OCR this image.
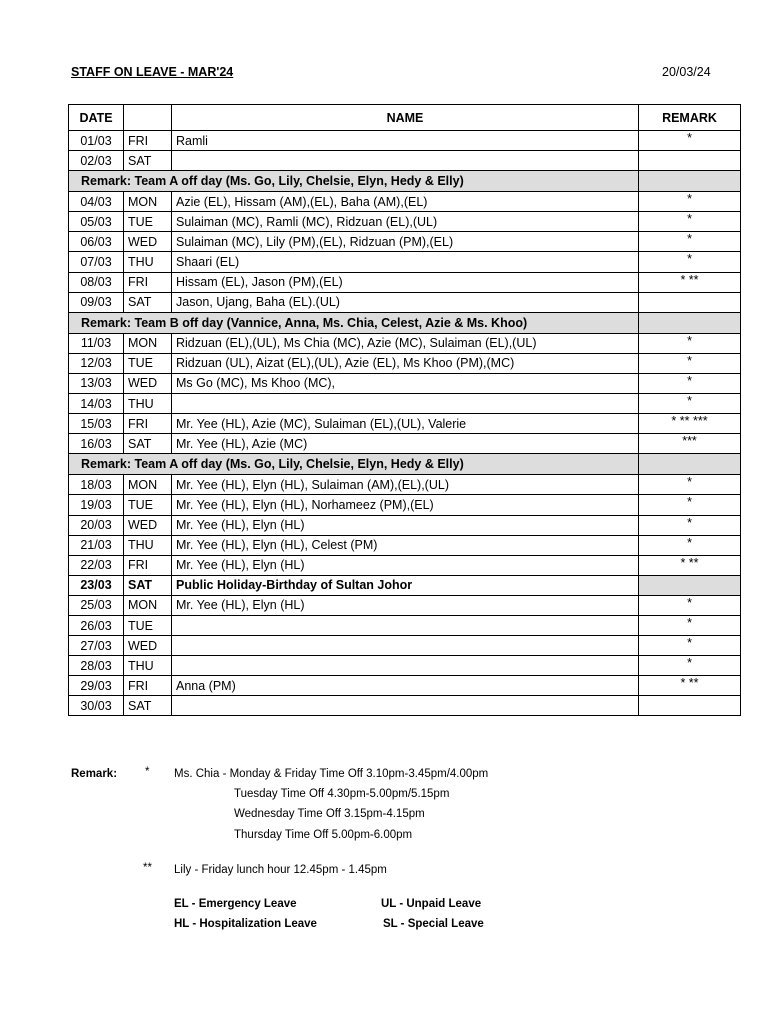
STAFF ON LEAVE - MAR'24	20/03/24
DATE		NAME	REMARK
01/03	FRI	Ramli	*
02/03	SAT		
Remark: Team A off day (Ms. Go, Lily, Chelsie, Elyn, Hedy & Elly)			
04/03	MON	Azie (EL), Hissam (AM),(EL), Baha (AM),(EL)	*
05/03	TUE	Sulaiman (MC), Ramli (MC), Ridzuan (EL),(UL)	*
06/03	WED	Sulaiman (MC), Lily (PM),(EL), Ridzuan (PM),(EL)	*
07/03	THU	Shaari (EL)	*
08/03	FRI	Hissam (EL), Jason (PM),(EL)	* **
09/03	SAT	Jason, Ujang, Baha (EL).(UL)	
Remark: Team B off day (Vannice, Anna, Ms. Chia, Celest, Azie & Ms. Khoo)			
11/03	MON	Ridzuan (EL),(UL), Ms Chia (MC), Azie (MC), Sulaiman (EL),(UL)	*
12/03	TUE	Ridzuan (UL), Aizat (EL),(UL), Azie (EL), Ms Khoo (PM),(MC)	*
13/03	WED	Ms Go (MC), Ms Khoo (MC),	*
14/03	THU		*
15/03	FRI	Mr. Yee (HL), Azie (MC), Sulaiman (EL),(UL), Valerie	* ** ***
16/03	SAT	Mr. Yee (HL), Azie (MC)	***
Remark: Team A off day (Ms. Go, Lily, Chelsie, Elyn, Hedy & Elly)			
18/03	MON	Mr. Yee (HL), Elyn (HL), Sulaiman (AM),(EL),(UL)	*
19/03	TUE	Mr. Yee (HL), Elyn (HL), Norhameez (PM),(EL)	*
20/03	WED	Mr. Yee (HL), Elyn (HL)	*
21/03	THU	Mr. Yee (HL), Elyn (HL), Celest (PM)	*
22/03	FRI	Mr. Yee (HL), Elyn (HL)	* **
23/03	SAT	Public Holiday-Birthday of Sultan Johor	
25/03	MON	Mr. Yee (HL), Elyn (HL)	*
26/03	TUE		*
27/03	WED		*
28/03	THU		*
29/03	FRI	Anna (PM)	* **
30/03	SAT		
Remark: * Ms. Chia - Monday & Friday Time Off 3.10pm-3.45pm/4.00pm
Tuesday Time Off 4.30pm-5.00pm/5.15pm
Wednesday Time Off 3.15pm-4.15pm
Thursday Time Off 5.00pm-6.00pm
** Lily - Friday lunch hour 12.45pm - 1.45pm
EL - Emergency Leave	UL - Unpaid Leave
HL - Hospitalization Leave	SL - Special Leave
